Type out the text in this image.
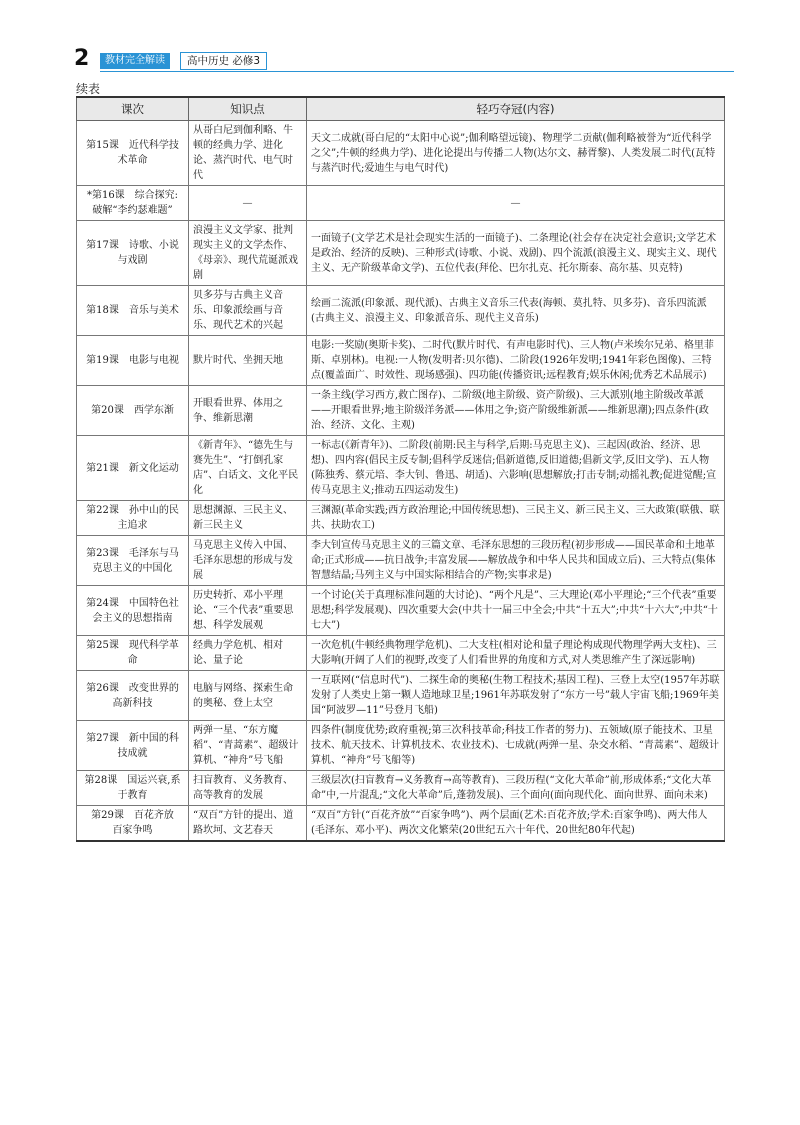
2	教材完全解读	高中历史 必修3
续表
课次	知识点	轻巧夺冠(内容)
第15课　近代科学技术革命	从哥白尼到伽利略、牛顿的经典力学、进化论、蒸汽时代、电气时代	天文二成就(哥白尼的“太阳中心说”;伽利略望远镜)、物理学二贡献(伽利略被誉为“近代科学之父”;牛顿的经典力学)、进化论提出与传播二人物(达尔文、赫胥黎)、人类发展二时代(瓦特与蒸汽时代;爱迪生与电气时代)
*第16课　综合探究:破解“李约瑟难题”	—	—
第17课　诗歌、小说与戏剧	浪漫主义文学家、批判现实主义的文学杰作、《母亲》、现代荒诞派戏剧	一面镜子(文学艺术是社会现实生活的一面镜子)、二条理论(社会存在决定社会意识;文学艺术是政治、经济的反映)、三种形式(诗歌、小说、戏剧)、四个流派(浪漫主义、现实主义、现代主义、无产阶级革命文学)、五位代表(拜伦、巴尔扎克、托尔斯泰、高尔基、贝克特)
第18课　音乐与美术	贝多芬与古典主义音乐、印象派绘画与音乐、现代艺术的兴起	绘画二流派(印象派、现代派)、古典主义音乐三代表(海顿、莫扎特、贝多芬)、音乐四流派(古典主义、浪漫主义、印象派音乐、现代主义音乐)
第19课　电影与电视	默片时代、坐拥天地	电影:一奖励(奥斯卡奖)、二时代(默片时代、有声电影时代)、三人物(卢米埃尔兄弟、格里菲斯、卓别林)。电视:一人物(发明者:贝尔德)、二阶段(1926年发明;1941年彩色图像)、三特点(覆盖面广、时效性、现场感强)、四功能(传播资讯;远程教育;娱乐休闲;优秀艺术品展示)
第20课　西学东渐	开眼看世界、体用之争、维新思潮	一条主线(学习西方,救亡图存)、二阶级(地主阶级、资产阶级)、三大派别(地主阶级改革派——开眼看世界;地主阶级洋务派——体用之争;资产阶级维新派——维新思潮);四点条件(政治、经济、文化、主观)
第21课　新文化运动	《新青年》、“德先生与赛先生”、“打倒孔家店”、白话文、文化平民化	一标志(《新青年》)、二阶段(前期:民主与科学,后期:马克思主义)、三起因(政治、经济、思想)、四内容(倡民主反专制;倡科学反迷信;倡新道德,反旧道德;倡新文学,反旧文学)、五人物(陈独秀、蔡元培、李大钊、鲁迅、胡适)、六影响(思想解放;打击专制;动摇礼教;促进觉醒;宣传马克思主义;推动五四运动发生)
第22课　孙中山的民主追求	思想渊源、三民主义、新三民主义	三渊源(革命实践;西方政治理论;中国传统思想)、三民主义、新三民主义、三大政策(联俄、联共、扶助农工)
第23课　毛泽东与马克思主义的中国化	马克思主义传入中国、毛泽东思想的形成与发展	李大钊宣传马克思主义的三篇文章、毛泽东思想的三段历程(初步形成——国民革命和土地革命;正式形成——抗日战争;丰富发展——解放战争和中华人民共和国成立后)、三大特点(集体智慧结晶;马列主义与中国实际相结合的产物;实事求是)
第24课　中国特色社会主义的思想指南	历史转折、邓小平理论、“三个代表”重要思想、科学发展观	一个讨论(关于真理标准问题的大讨论)、“两个凡是”、三大理论(邓小平理论;“三个代表”重要思想;科学发展观)、四次重要大会(中共十一届三中全会;中共“十五大”;中共“十六大”;中共“十七大”)
第25课　现代科学革命	经典力学危机、相对论、量子论	一次危机(牛顿经典物理学危机)、二大支柱(相对论和量子理论构成现代物理学两大支柱)、三大影响(开阔了人们的视野,改变了人们看世界的角度和方式,对人类思维产生了深远影响)
第26课　改变世界的高新科技	电脑与网络、探索生命的奥秘、登上太空	一互联网(“信息时代”)、二探生命的奥秘(生物工程技术;基因工程)、三登上太空(1957年苏联发射了人类史上第一颗人造地球卫星;1961年苏联发射了“东方一号”载人宇宙飞船;1969年美国“阿波罗—11”号登月飞船)
第27课　新中国的科技成就	两弹一星、“东方魔稻”、“青蒿素”、超级计算机、“神舟”号飞船	四条件(制度优势;政府重视;第三次科技革命;科技工作者的努力)、五领域(原子能技术、卫星技术、航天技术、计算机技术、农业技术)、七成就(两弹一星、杂交水稻、“青蒿素”、超级计算机、“神舟”号飞船等)
第28课　国运兴衰,系于教育	扫盲教育、义务教育、高等教育的发展	三级层次(扫盲教育→义务教育→高等教育)、三段历程(“文化大革命”前,形成体系;“文化大革命”中,一片混乱;“文化大革命”后,蓬勃发展)、三个面向(面向现代化、面向世界、面向未来)
第29课　百花齐放　百家争鸣	“双百”方针的提出、道路坎坷、文艺春天	“双百”方针(“百花齐放”“百家争鸣”)、两个层面(艺术:百花齐放;学术:百家争鸣)、两大伟人(毛泽东、邓小平)、两次文化繁荣(20世纪五六十年代、20世纪80年代起)
